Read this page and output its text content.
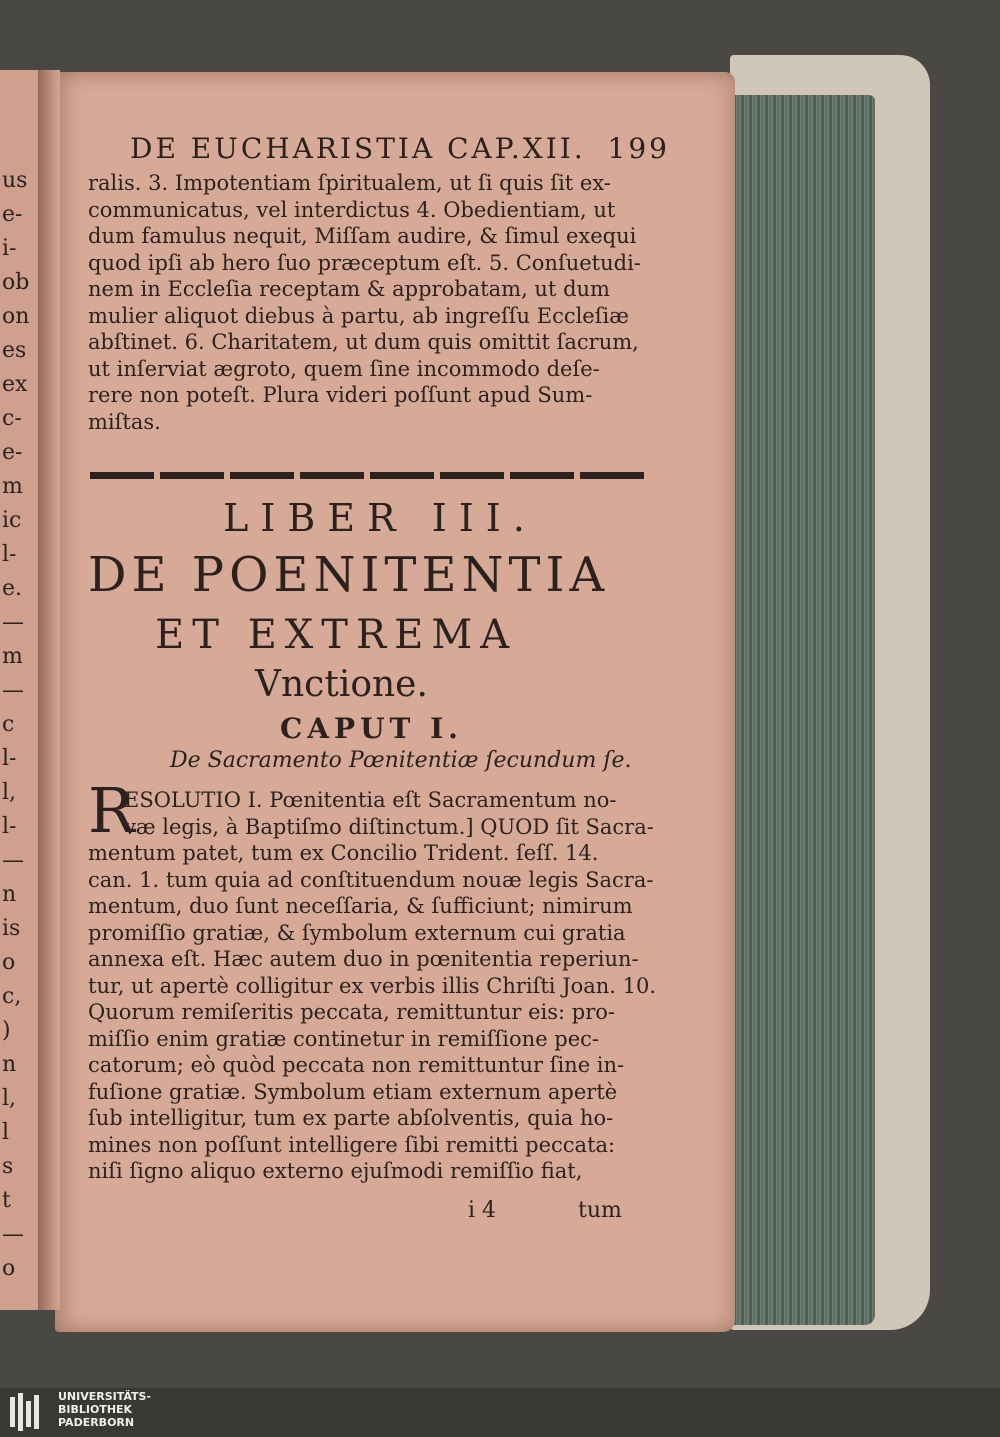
us
e-
i-
ob
on
es
ex
c-
e-
m
ic
l-
e.
—
m
—
c
l-
l,
l-
—
n
is
o
c,
)
n
l,
l
s
t
—
o
DE EUCHARISTIA CAP.XII. 199
ralis. 3. Impotentiam ſpiritualem, ut ſi quis ſit ex-
communicatus, vel interdictus 4. Obedientiam, ut
dum famulus nequit, Miſſam audire, & ſimul exequi
quod ipſi ab hero ſuo præceptum eſt. 5. Conſuetudi-
nem in Eccleſia receptam & approbatam, ut dum
mulier aliquot diebus à partu, ab ingreſſu Eccleſiæ
abſtinet. 6. Charitatem, ut dum quis omittit ſacrum,
ut inſerviat ægroto, quem ſine incommodo deſe-
rere non poteſt. Plura videri poſſunt apud Sum-
miſtas.
LIBER III.
DE POENITENTIA
ET EXTREMA
Vnctione.
CAPUT I.
De Sacramento Pœnitentiæ ſecundum ſe.
R
ESOLUTIO I. Pœnitentia eſt Sacramentum no-
væ legis, à Baptiſmo diſtinctum.] QUOD ſit Sacra-
mentum patet, tum ex Concilio Trident. ſeſſ. 14.
can. 1. tum quia ad conſtituendum nouæ legis Sacra-
mentum, duo ſunt neceſſaria, & ſufficiunt; nimirum
promiſſio gratiæ, & ſymbolum externum cui gratia
annexa eſt. Hæc autem duo in pœnitentia reperiun-
tur, ut apertè colligitur ex verbis illis Chriſti Joan. 10.
Quorum remiſeritis peccata, remittuntur eis: pro-
miſſio enim gratiæ continetur in remiſſione pec-
catorum; eò quòd peccata non remittuntur ſine in-
fuſione gratiæ. Symbolum etiam externum apertè
ſub intelligitur, tum ex parte abſolventis, quia ho-
mines non poſſunt intelligere ſibi remitti peccata:
niſi ſigno aliquo externo ejuſmodi remiſſio fiat,
i 4	tum
UNIVERSITÄTS-
BIBLIOTHEK
PADERBORN
